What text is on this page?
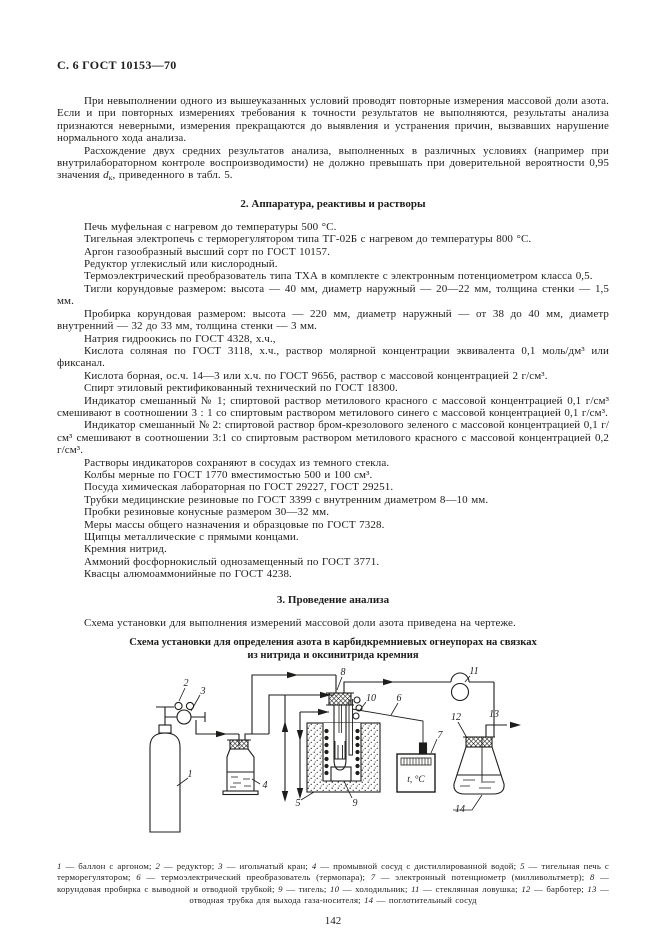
С. 6 ГОСТ 10153—70

При невыполнении одного из вышеуказанных условий проводят повторные измерения массовой доли азота. Если и при повторных измерениях требования к точности результатов не выполняются, результаты анализа признаются неверными, измерения прекращаются до выявления и устранения причин, вызвавших нарушение нормального хода анализа.

Расхождение двух средних результатов анализа, выполненных в различных условиях (например при внутрилабораторном контроле воспроизводимости) не должно превышать при доверительной вероятности 0,95 значения $d_к$, приведенного в табл. 5.

2. Аппаратура, реактивы и растворы

Печь муфельная с нагревом до температуры 500 °С.

Тигельная электропечь с терморегулятором типа ТГ-02Б с нагревом до температуры 800 °С.

Аргон газообразный высший сорт по ГОСТ 10157.

Редуктор углекислый или кислородный.

Термоэлектрический преобразователь типа ТХА в комплекте с электронным потенциометром класса 0,5.

Тигли корундовые размером: высота — 40 мм, диаметр наружный — 20—22 мм, толщина стенки — 1,5 мм.

Пробирка корундовая размером: высота — 220 мм, диаметр наружный — от 38 до 40 мм, диаметр внутренний — 32 до 33 мм, толщина стенки — 3 мм.

Натрия гидроокись по ГОСТ 4328, х.ч.,

Кислота соляная по ГОСТ 3118, х.ч., раствор молярной концентрации эквивалента 0,1 моль/дм³ или фиксанал.

Кислота борная, ос.ч. 14—3 или х.ч. по ГОСТ 9656, раствор с массовой концентрацией 2 г/см³.

Спирт этиловый ректификованный технический по ГОСТ 18300.

Индикатор смешанный № 1; спиртовой раствор метилового красного с массовой концентрацией 0,1 г/см³ смешивают в соотношении 3 : 1 со спиртовым раствором метилового синего с массовой концентрацией 0,1 г/см³.

Индикатор смешанный № 2: спиртовой раствор бром-крезолового зеленого с массовой концентрацией 0,1 г/см³ смешивают в соотношении 3:1 со спиртовым раствором метилового красного с массовой концентрацией 0,2 г/см³.

Растворы индикаторов сохраняют в сосудах из темного стекла.

Колбы мерные по ГОСТ 1770 вместимостью 500 и 100 см³.

Посуда химическая лабораторная по ГОСТ 29227, ГОСТ 29251.

Трубки медицинские резиновые по ГОСТ 3399 с внутренним диаметром 8—10 мм.

Пробки резиновые конусные размером 30—32 мм.

Меры массы общего назначения и образцовые по ГОСТ 7328.

Щипцы металлические с прямыми концами.

Кремния нитрид.

Аммоний фосфорнокислый однозамещенный по ГОСТ 3771.

Квасцы алюмоаммонийные по ГОСТ 4238.

3. Проведение анализа

Схема установки для выполнения измерений массовой доли азота приведена на чертеже.

Схема установки для определения азота в карбидкремниевых огнеупорах на связках
из нитрида и оксинитрида кремния
1
2
3
4
5
6
7
8
9
10
11
12	13
14
t, °С
1 — баллон с аргоном; 2 — редуктор; 3 — игольчатый кран; 4 — промывной сосуд с дистиллированной водой; 5 — тигельная печь с терморегулятором; 6 — термоэлектрический преобразователь (термопара); 7 — электронный потенциометр (милливольтметр); 8 — корундовая пробирка с выводной и отводной трубкой; 9 — тигель; 10 — холодильник; 11 — стеклянная ловушка; 12 — барботер; 13 — отводная трубка для выхода газа-носителя; 14 — поглотительный сосуд
142
